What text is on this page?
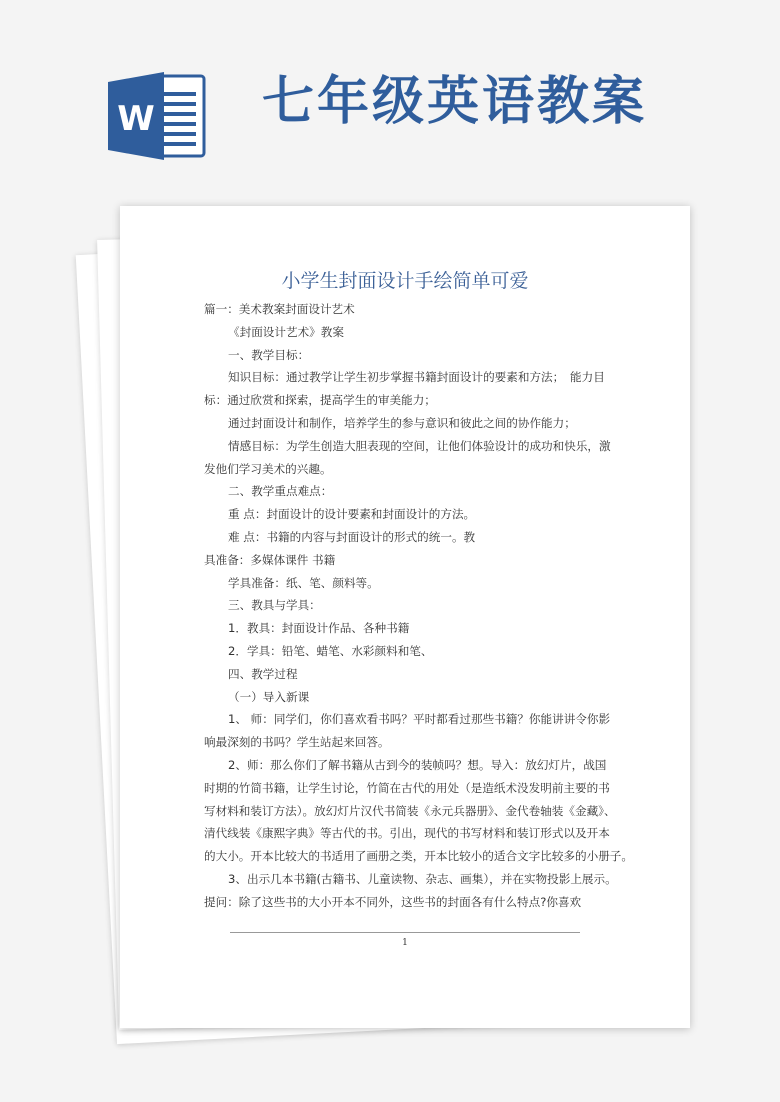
W 七年级英语教案
小学生封面设计手绘简单可爱

篇一：美术教案封面设计艺术

《封面设计艺术》教案

一、教学目标：

知识目标：通过教学让学生初步掌握书籍封面设计的要素和方法；　能力目

标：通过欣赏和探索，提高学生的审美能力；

通过封面设计和制作，培养学生的参与意识和彼此之间的协作能力；

情感目标：为学生创造大胆表现的空间，让他们体验设计的成功和快乐，激

发他们学习美术的兴趣。

二、教学重点难点：

重 点：封面设计的设计要素和封面设计的方法。

难 点：书籍的内容与封面设计的形式的统一。教

具准备：多媒体课件 书籍

学具准备：纸、笔、颜料等。

三、教具与学具：

1．教具：封面设计作品、各种书籍

2．学具：铅笔、蜡笔、水彩颜料和笔、

四、教学过程

（一）导入新课

1、 师：同学们，你们喜欢看书吗？平时都看过那些书籍？你能讲讲令你影

响最深刻的书吗？学生站起来回答。

2、师：那么你们了解书籍从古到今的装帧吗？想。导入：放幻灯片，战国

时期的竹简书籍，让学生讨论，竹简在古代的用处（是造纸术没发明前主要的书

写材料和装订方法）。放幻灯片汉代书简装《永元兵器册》、金代卷轴装《金藏》、

清代线装《康熙字典》等古代的书。引出，现代的书写材料和装订形式以及开本

的大小。开本比较大的书适用了画册之类，开本比较小的适合文字比较多的小册子。

3、出示几本书籍(古籍书、儿童读物、杂志、画集），并在实物投影上展示。

提问：除了这些书的大小开本不同外，这些书的封面各有什么特点?你喜欢

1
